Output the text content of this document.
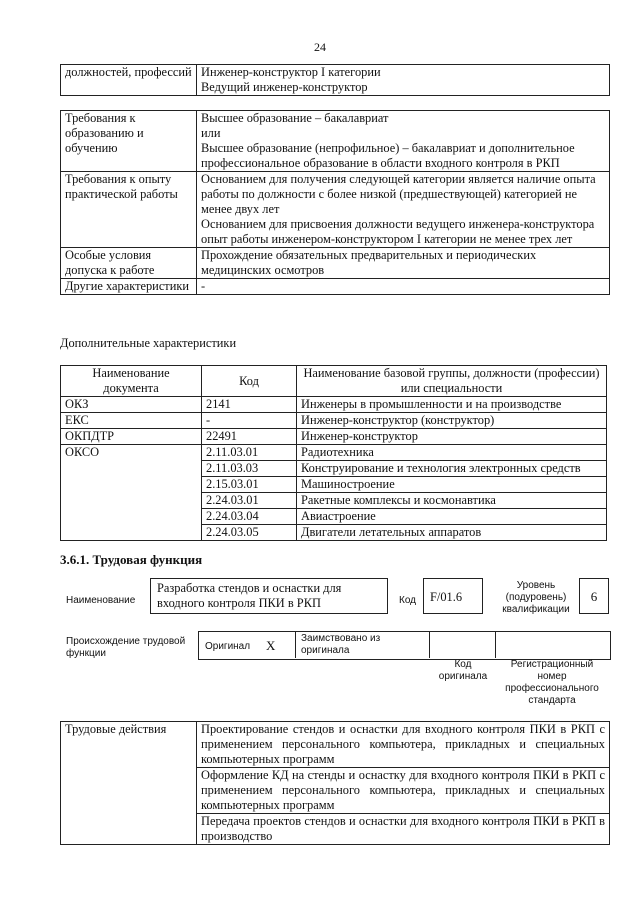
24
должностей, профессий	Инженер-конструктор I категории
Ведущий инженер-конструктор
Требования к образованию и обучению	Высшее образование – бакалавриат
или
Высшее образование (непрофильное) – бакалавриат и дополнительное профессиональное образование в области входного контроля в РКП

Требования к опыту практической работы	Основанием для получения следующей категории является наличие опыта работы по должности с более низкой (предшествующей) категорией не менее двух лет
Основанием для присвоения должности ведущего инженера-конструктора опыт работы инженером-конструктором I категории не менее трех лет

Особые условия допуска к работе	Прохождение обязательных предварительных и периодических медицинских осмотров
Другие характеристики	-
Дополнительные характеристики
Наименование документа	Код	Наименование базовой группы, должности (профессии) или специальности
ОКЗ	2141	Инженеры в промышленности и на производстве
ЕКС	-	Инженер-конструктор (конструктор)
ОКПДТР	22491	Инженер-конструктор
ОКСО	2.11.03.01	Радиотехника
	2.11.03.03	Конструирование и технология электронных средств
	2.15.03.01	Машиностроение
	2.24.03.01	Ракетные комплексы и космонавтика
	2.24.03.04	Авиастроение
	2.24.03.05	Двигатели летательных аппаратов
3.6.1. Трудовая функция
Наименование
Разработка стендов и оснастки для входного контроля ПКИ в РКП	Код	F/01.6
Уровень (подуровень) квалификации
6
Происхождение трудовой функции
Оригинал X	Заимствовано из оригинала
Код оригинала
Регистрационный номер профессионального стандарта
Трудовые действия	Проектирование стендов и оснастки для входного контроля ПКИ в РКП с применением персонального компьютера, прикладных и специальных компьютерных программ
Оформление КД на стенды и оснастку для входного контроля ПКИ в РКП с применением персонального компьютера, прикладных и специальных компьютерных программ
Передача проектов стендов и оснастки для входного контроля ПКИ в РКП в производство
